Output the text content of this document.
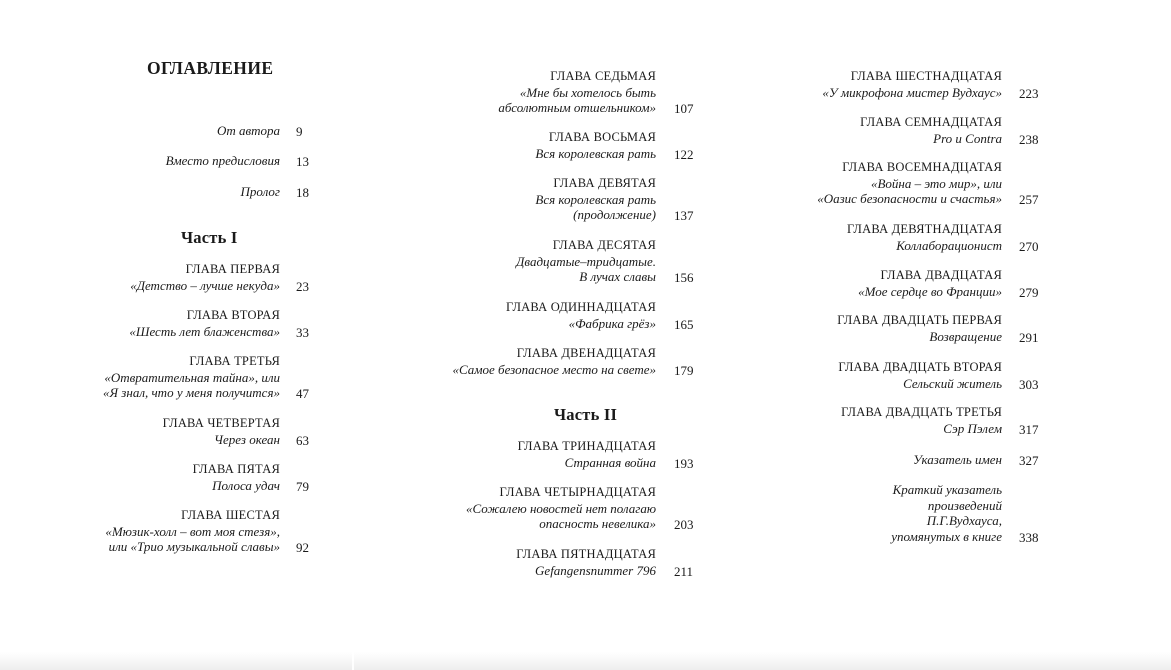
ОГЛАВЛЕНИЕ
Часть I
Часть II
От автора 9
Вместо предисловия 13
Пролог 18
ГЛАВА ПЕРВАЯ
«Детство – лучше некуда» 23
ГЛАВА ВТОРАЯ
«Шесть лет блаженства» 33
ГЛАВА ТРЕТЬЯ
«Отвратительная тайна», или
«Я знал, что у меня получится» 47
ГЛАВА ЧЕТВЕРТАЯ
Через океан 63
ГЛАВА ПЯТАЯ
Полоса удач 79
ГЛАВА ШЕСТАЯ
«Мюзик-холл – вот моя стезя»,
или «Трио музыкальной славы» 92
ГЛАВА СЕДЬМАЯ
«Мне бы хотелось быть
абсолютным отшельником» 107
ГЛАВА ВОСЬМАЯ
Вся королевская рать 122
ГЛАВА ДЕВЯТАЯ
Вся королевская рать
(продолжение) 137
ГЛАВА ДЕСЯТАЯ
Двадцатые–тридцатые.
В лучах славы 156
ГЛАВА ОДИННАДЦАТАЯ
«Фабрика грёз» 165
ГЛАВА ДВЕНАДЦАТАЯ
«Самое безопасное место на свете» 179
ГЛАВА ТРИНАДЦАТАЯ
Странная война 193
ГЛАВА ЧЕТЫРНАДЦАТАЯ
«Сожалею новостей нет полагаю
опасность невелика» 203
ГЛАВА ПЯТНАДЦАТАЯ
Gefangensnummer 796 211
ГЛАВА ШЕСТНАДЦАТАЯ
«У микрофона мистер Вудхаус» 223
ГЛАВА СЕМНАДЦАТАЯ
Pro и Contra 238
ГЛАВА ВОСЕМНАДЦАТАЯ
«Война – это мир», или
«Оазис безопасности и счастья» 257
ГЛАВА ДЕВЯТНАДЦАТАЯ
Коллаборационист 270
ГЛАВА ДВАДЦАТАЯ
«Мое сердце во Франции» 279
ГЛАВА ДВАДЦАТЬ ПЕРВАЯ
Возвращение 291
ГЛАВА ДВАДЦАТЬ ВТОРАЯ
Сельский житель 303
ГЛАВА ДВАДЦАТЬ ТРЕТЬЯ
Сэр Пэлем 317
Указатель имен 327
Краткий указатель
произведений
П.Г.Вудхауса,
упомянутых в книге 338
